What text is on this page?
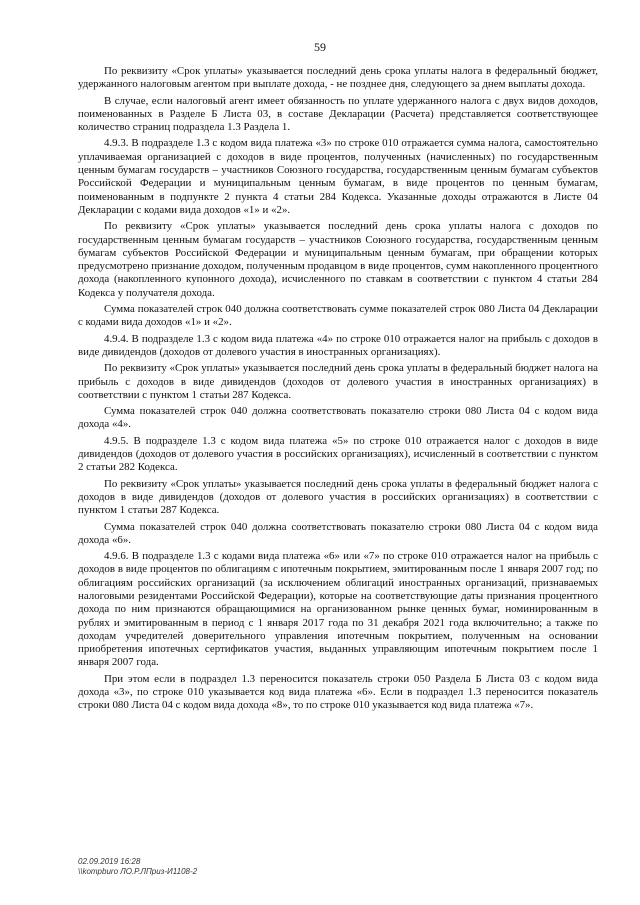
59

По реквизиту «Срок уплаты» указывается последний день срока уплаты налога в федеральный бюджет, удержанного налоговым агентом при выплате дохода, - не позднее дня, следующего за днем выплаты дохода.

В случае, если налоговый агент имеет обязанность по уплате удержанного налога с двух видов доходов, поименованных в Разделе Б Листа 03, в составе Декларации (Расчета) представляется соответствующее количество страниц подраздела 1.3 Раздела 1.

4.9.3. В подразделе 1.3 с кодом вида платежа «3» по строке 010 отражается сумма налога, самостоятельно уплачиваемая организацией с доходов в виде процентов, полученных (начисленных) по государственным ценным бумагам государств – участников Союзного государства, государственным ценным бумагам субъектов Российской Федерации и муниципальным ценным бумагам, в виде процентов по ценным бумагам, поименованным в подпункте 2 пункта 4 статьи 284 Кодекса. Указанные доходы отражаются в Листе 04 Декларации с кодами вида доходов «1» и «2».

По реквизиту «Срок уплаты» указывается последний день срока уплаты налога с доходов по государственным ценным бумагам государств – участников Союзного государства, государственным ценным бумагам субъектов Российской Федерации и муниципальным ценным бумагам, при обращении которых предусмотрено признание доходом, полученным продавцом в виде процентов, сумм накопленного процентного дохода (накопленного купонного дохода), исчисленного по ставкам в соответствии с пунктом 4 статьи 284 Кодекса у получателя дохода.

Сумма показателей строк 040 должна соответствовать сумме показателей строк 080 Листа 04 Декларации с кодами вида доходов «1» и «2».

4.9.4. В подразделе 1.3 с кодом вида платежа «4» по строке 010 отражается налог на прибыль с доходов в виде дивидендов (доходов от долевого участия в иностранных организациях).

По реквизиту «Срок уплаты» указывается последний день срока уплаты в федеральный бюджет налога на прибыль с доходов в виде дивидендов (доходов от долевого участия в иностранных организациях) в соответствии с пунктом 1 статьи 287 Кодекса.

Сумма показателей строк 040 должна соответствовать показателю строки 080 Листа 04 с кодом вида дохода «4».

4.9.5. В подразделе 1.3 с кодом вида платежа «5» по строке 010 отражается налог с доходов в виде дивидендов (доходов от долевого участия в российских организациях), исчисленный в соответствии с пунктом 2 статьи 282 Кодекса.

По реквизиту «Срок уплаты» указывается последний день срока уплаты в федеральный бюджет налога с доходов в виде дивидендов (доходов от долевого участия в российских организациях) в соответствии с пунктом 1 статьи 287 Кодекса.

Сумма показателей строк 040 должна соответствовать показателю строки 080 Листа 04 с кодом вида дохода «6».

4.9.6. В подразделе 1.3 с кодами вида платежа «6» или «7» по строке 010 отражается налог на прибыль с доходов в виде процентов по облигациям с ипотечным покрытием, эмитированным после 1 января 2007 год; по облигациям российских организаций (за исключением облигаций иностранных организаций, признаваемых налоговыми резидентами Российской Федерации), которые на соответствующие даты признания процентного дохода по ним признаются обращающимися на организованном рынке ценных бумаг, номинированным в рублях и эмитированным в период с 1 января 2017 года по 31 декабря 2021 года включительно; а также по доходам учредителей доверительного управления ипотечным покрытием, полученным на основании приобретения ипотечных сертификатов участия, выданных управляющим ипотечным покрытием после 1 января 2007 года.

При этом если в подраздел 1.3 переносится показатель строки 050 Раздела Б Листа 03 с кодом вида дохода «3», по строке 010 указывается код вида платежа «6». Если в подраздел 1.3 переносится показатель строки 080 Листа 04 с кодом вида дохода «8», то по строке 010 указывается код вида платежа «7».

02.09.2019 16:28
\\kompburo ЛО.Р.ЛПриз-И1108-2
